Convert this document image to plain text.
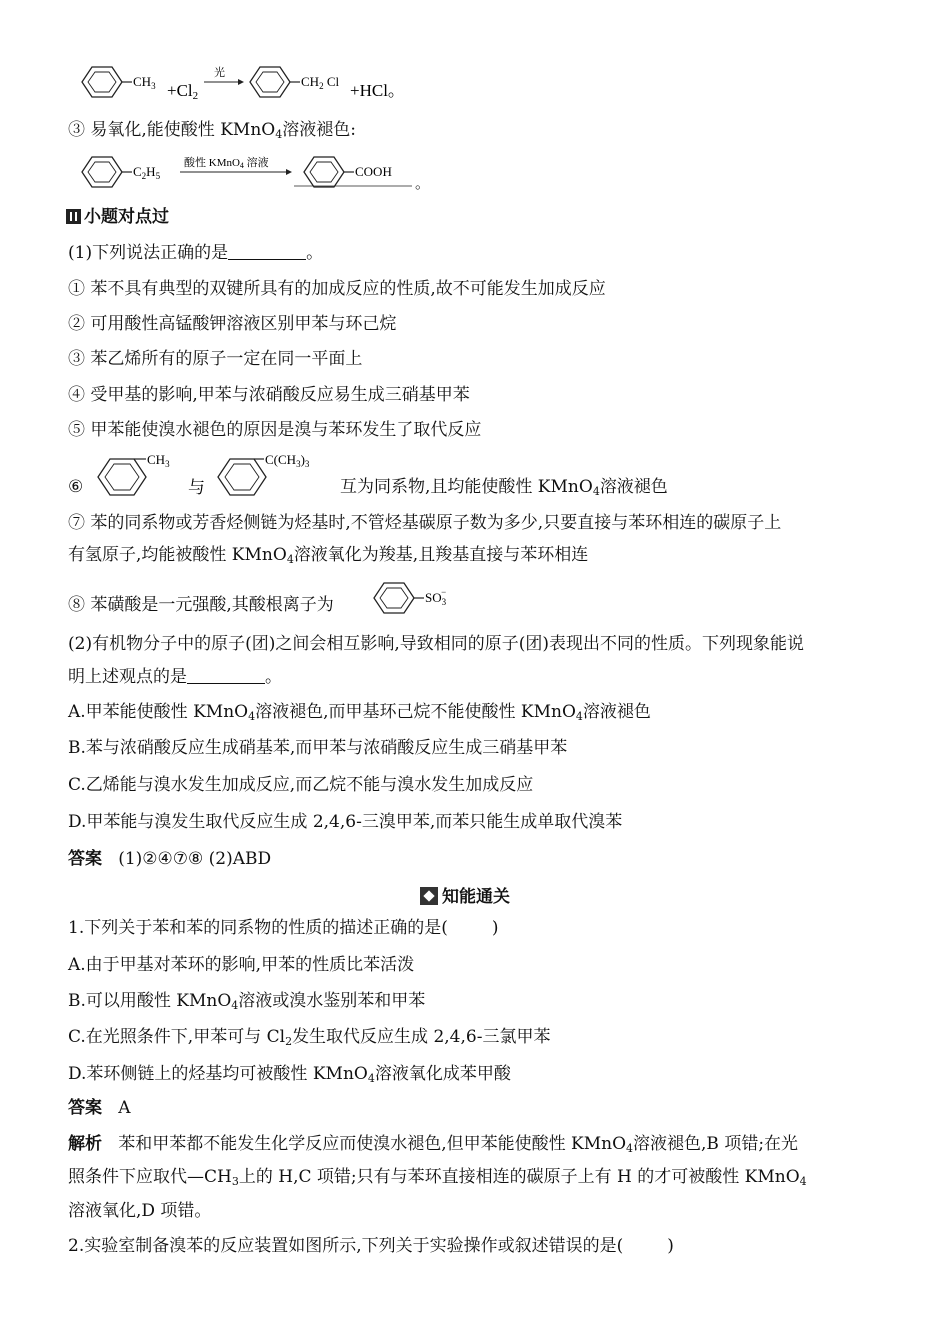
$CH_3 +Cl2$
光
$CH_2$ Cl +HCl。
③ 易氧化,能使酸性 KMnO$_4$溶液褪色:
$C_2H_5$
酸性 KMnO4 溶液
COOH
。
小题对点过
(1)下列说法正确的是	。
① 苯不具有典型的双键所具有的加成反应的性质,故不可能发生加成反应
② 可用酸性高锰酸钾溶液区别甲苯与环己烷
③ 苯乙烯所有的原子一定在同一平面上
④ 受甲基的影响,甲苯与浓硝酸反应易生成三硝基甲苯
⑤ 甲苯能使溴水褪色的原因是溴与苯环发生了取代反应
⑥
$CH_3$
与
$C(CH_3)_3$
互为同系物,且均能使酸性 KMnO$_4$溶液褪色
⑦ 苯的同系物或芳香烃侧链为烃基时,不管烃基碳原子数为多少,只要直接与苯环相连的碳原子上
有氢原子,均能被酸性 KMnO$_4$溶液氧化为羧基,且羧基直接与苯环相连
⑧ 苯磺酸是一元强酸,其酸根离子为	$SO_3-$
(2)有机物分子中的原子(团)之间会相互影响,导致相同的原子(团)表现出不同的性质。下列现象能说
明上述观点的是	。
A.甲苯能使酸性 KMnO$_4$溶液褪色,而甲基环己烷不能使酸性 KMnO$_4$溶液褪色
B.苯与浓硝酸反应生成硝基苯,而甲苯与浓硝酸反应生成三硝基甲苯
C.乙烯能与溴水发生加成反应,而乙烷不能与溴水发生加成反应
D.甲苯能与溴发生取代反应生成 2,4,6-三溴甲苯,而苯只能生成单取代溴苯
答案 (1)②④⑦⑧ (2)ABD
知能通关
1.下列关于苯和苯的同系物的性质的描述正确的是(	)
A.由于甲基对苯环的影响,甲苯的性质比苯活泼
B.可以用酸性 KMnO$_4$溶液或溴水鉴别苯和甲苯
C.在光照条件下,甲苯可与 $Cl_2$发生取代反应生成 2,4,6-三氯甲苯
D.苯环侧链上的烃基均可被酸性 KMnO$_4$溶液氧化成苯甲酸
答案 A
解析 苯和甲苯都不能发生化学反应而使溴水褪色,但甲苯能使酸性 KMnO$_4$溶液褪色,B 项错;在光
照条件下应取代$—CH_3$上的 H,C 项错;只有与苯环直接相连的碳原子上有 H 的才可被酸性 KMnO$_4$
溶液氧化,D 项错。
2.实验室制备溴苯的反应装置如图所示,下列关于实验操作或叙述错误的是(	)
